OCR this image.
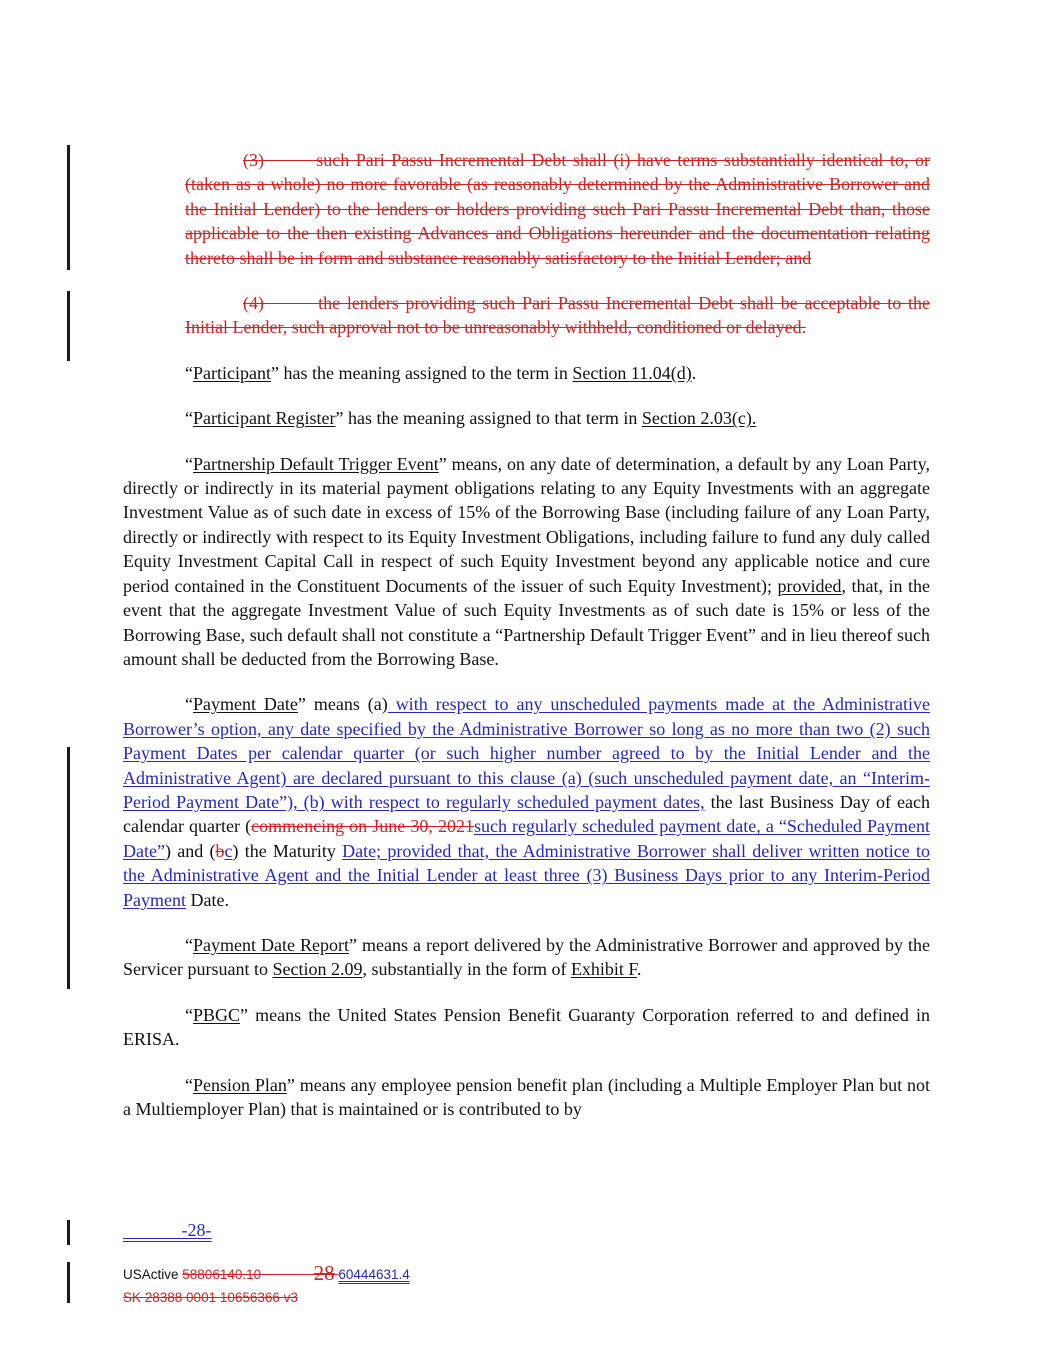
(3)        such Pari Passu Incremental Debt shall (i) have terms substantially identical to, or (taken as a whole) no more favorable (as reasonably determined by the Administrative Borrower and the Initial Lender) to the lenders or holders providing such Pari Passu Incremental Debt than, those applicable to the then existing Advances and Obligations hereunder and the documentation relating thereto shall be in form and substance reasonably satisfactory to the Initial Lender; and

(4)        the lenders providing such Pari Passu Incremental Debt shall be acceptable to the Initial Lender, such approval not to be unreasonably withheld, conditioned or delayed.

“Participant” has the meaning assigned to the term in Section 11.04(d).

“Participant Register” has the meaning assigned to that term in Section 2.03(c).

“Partnership Default Trigger Event” means, on any date of determination, a default by any Loan Party, directly or indirectly in its material payment obligations relating to any Equity Investments with an aggregate Investment Value as of such date in excess of 15% of the Borrowing Base (including failure of any Loan Party, directly or indirectly with respect to its Equity Investment Obligations, including failure to fund any duly called Equity Investment Capital Call in respect of such Equity Investment beyond any applicable notice and cure period contained in the Constituent Documents of the issuer of such Equity Investment); provided, that, in the event that the aggregate Investment Value of such Equity Investments as of such date is 15% or less of the Borrowing Base, such default shall not constitute a “Partnership Default Trigger Event” and in lieu thereof such amount shall be deducted from the Borrowing Base.

“Payment Date” means (a) with respect to any unscheduled payments made at the Administrative Borrower’s option, any date specified by the Administrative Borrower so long as no more than two (2) such Payment Dates per calendar quarter (or such higher number agreed to by the Initial Lender and the Administrative Agent) are declared pursuant to this clause (a) (such unscheduled payment date, an “Interim-Period Payment Date”), (b) with respect to regularly scheduled payment dates, the last Business Day of each calendar quarter (commencing on June 30, 2021such regularly scheduled payment date, a “Scheduled Payment Date”) and (bc) the Maturity Date; provided that, the Administrative Borrower shall deliver written notice to the Administrative Agent and the Initial Lender at least three (3) Business Days prior to any Interim-Period Payment Date.

“Payment Date Report” means a report delivered by the Administrative Borrower and approved by the Servicer pursuant to Section 2.09, substantially in the form of Exhibit F.

“PBGC” means the United States Pension Benefit Guaranty Corporation referred to and defined in ERISA.

“Pension Plan” means any employee pension benefit plan (including a Multiple Employer Plan but not a Multiemployer Plan) that is maintained or is contributed to by

-28-
USActive 58806140.10	28 60444631.4
SK 28388 0001 10656366 v3
